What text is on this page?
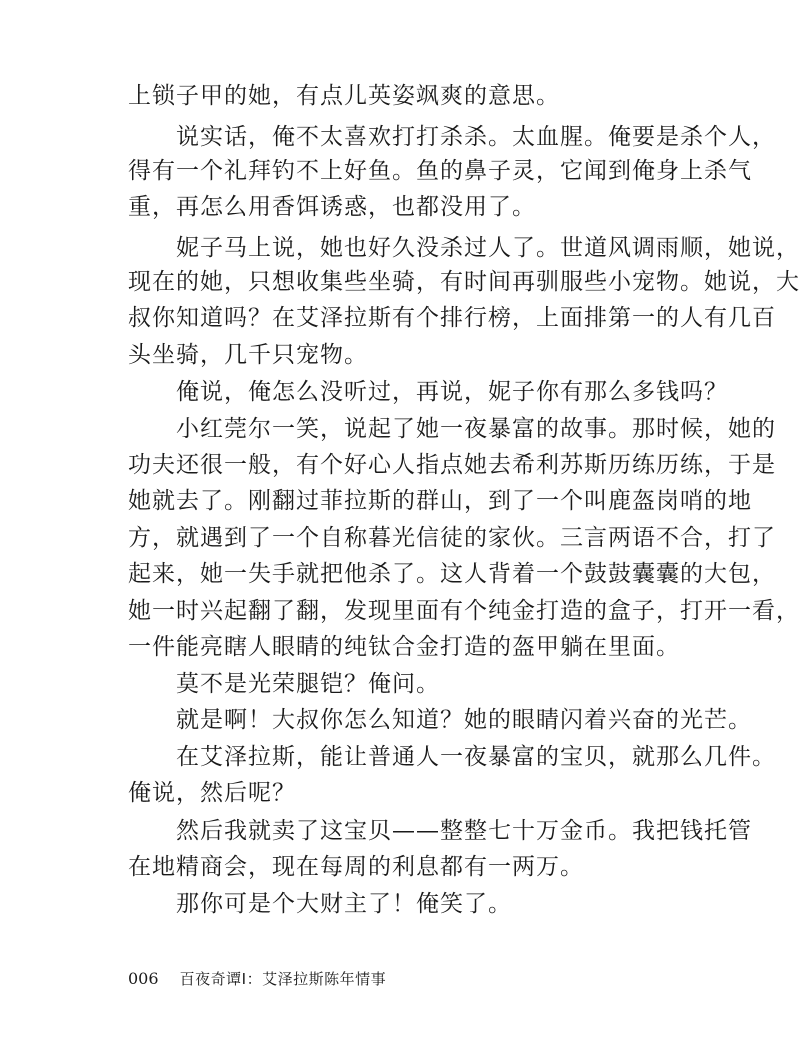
上锁子甲的她，有点儿英姿飒爽的意思。
　　说实话，俺不太喜欢打打杀杀。太血腥。俺要是杀个人，
得有一个礼拜钓不上好鱼。鱼的鼻子灵，它闻到俺身上杀气
重，再怎么用香饵诱惑，也都没用了。
　　妮子马上说，她也好久没杀过人了。世道风调雨顺，她说，
现在的她，只想收集些坐骑，有时间再驯服些小宠物。她说，大
叔你知道吗？在艾泽拉斯有个排行榜，上面排第一的人有几百
头坐骑，几千只宠物。
　　俺说，俺怎么没听过，再说，妮子你有那么多钱吗？
　　小红莞尔一笑，说起了她一夜暴富的故事。那时候，她的
功夫还很一般，有个好心人指点她去希利苏斯历练历练，于是
她就去了。刚翻过菲拉斯的群山，到了一个叫鹿盔岗哨的地
方，就遇到了一个自称暮光信徒的家伙。三言两语不合，打了
起来，她一失手就把他杀了。这人背着一个鼓鼓囊囊的大包，
她一时兴起翻了翻，发现里面有个纯金打造的盒子，打开一看，
一件能亮瞎人眼睛的纯钛合金打造的盔甲躺在里面。
　　莫不是光荣腿铠？俺问。
　　就是啊！大叔你怎么知道？她的眼睛闪着兴奋的光芒。
　　在艾泽拉斯，能让普通人一夜暴富的宝贝，就那么几件。
俺说，然后呢？
　　然后我就卖了这宝贝——整整七十万金币。我把钱托管
在地精商会，现在每周的利息都有一两万。
　　那你可是个大财主了！俺笑了。
006 百夜奇谭Ⅰ：艾泽拉斯陈年情事
